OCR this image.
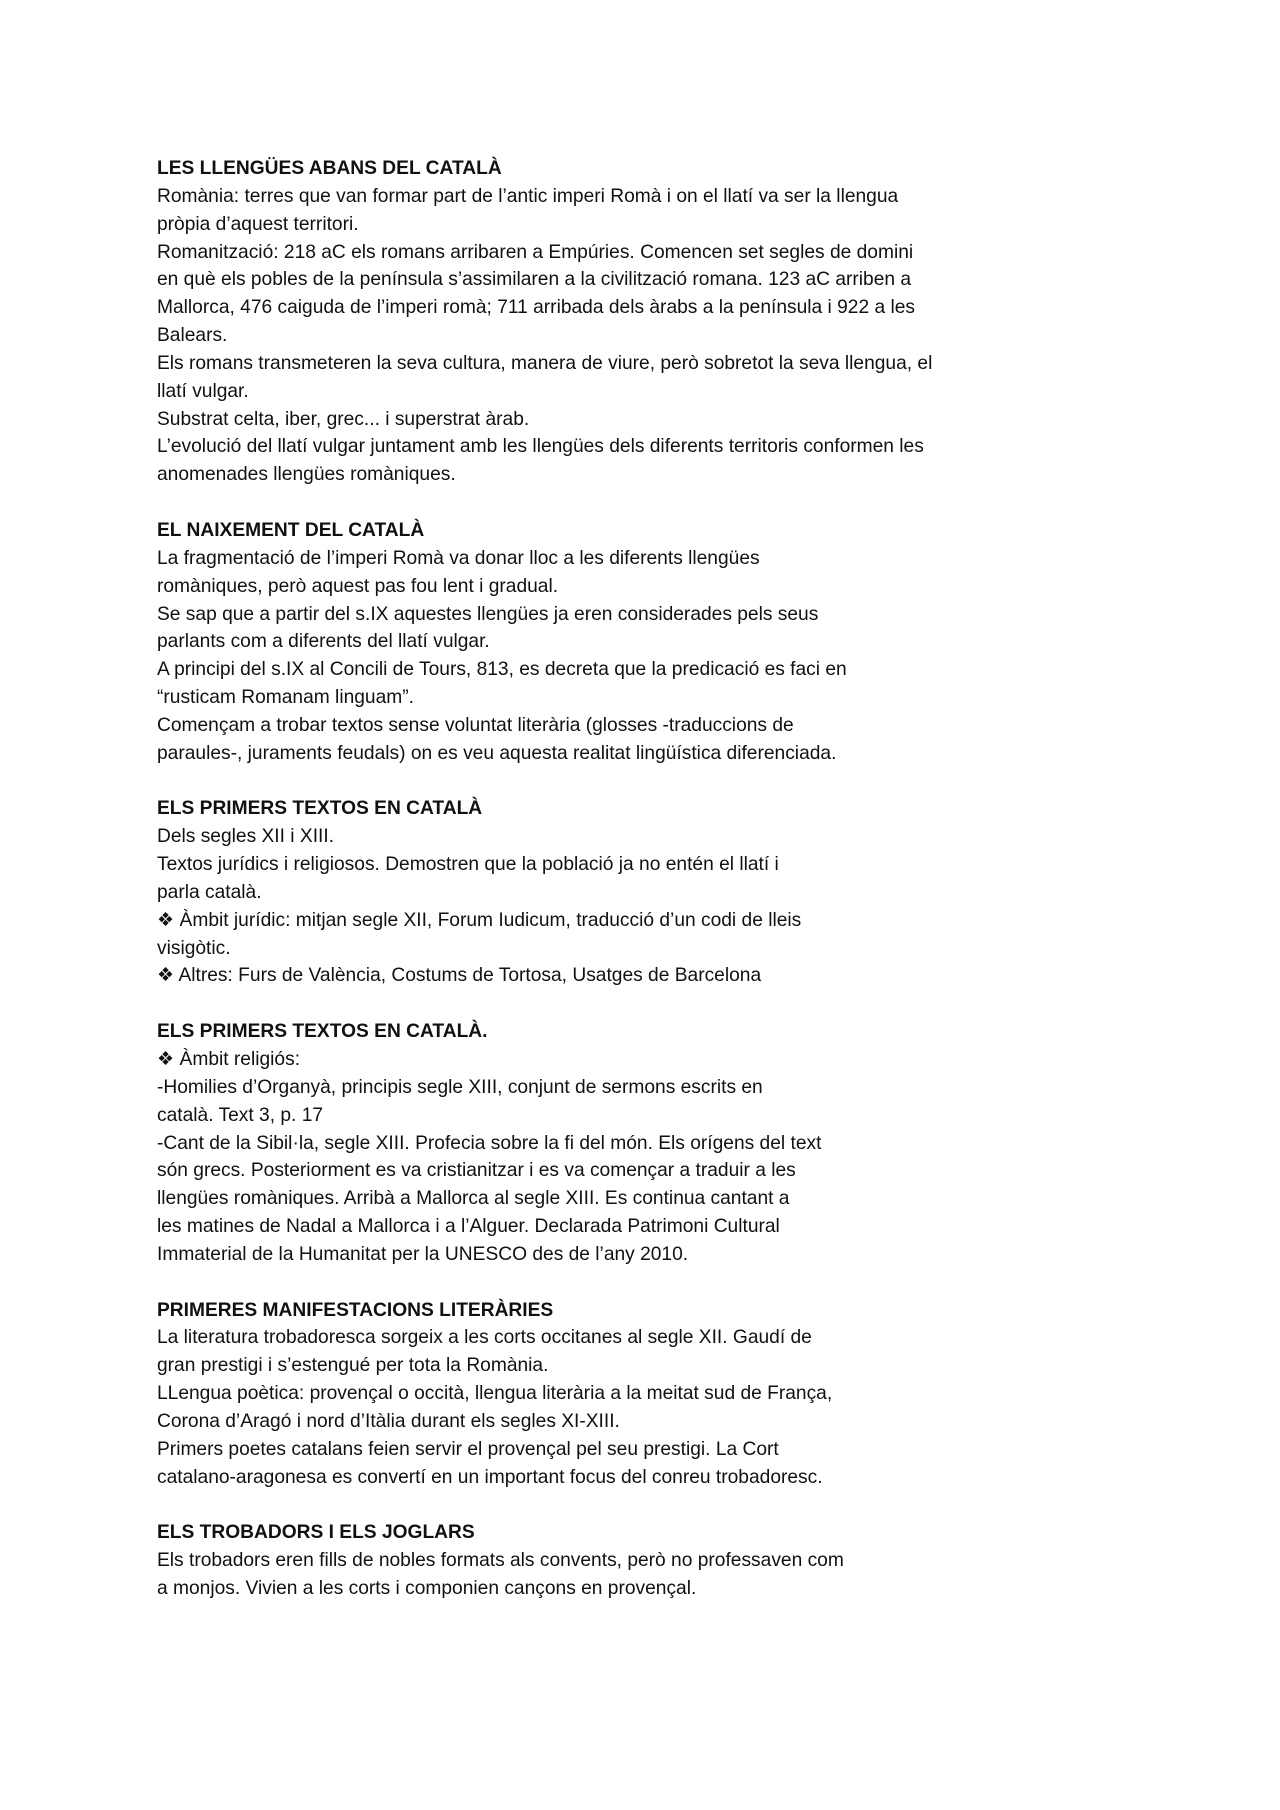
LES LLENGÜES ABANS DEL CATALÀ
Romània: terres que van formar part de l’antic imperi Romà i on el llatí va ser la llengua
pròpia d’aquest territori.
Romanització: 218 aC els romans arribaren a Empúries. Comencen set segles de domini
en què els pobles de la península s’assimilaren a la civilització romana. 123 aC arriben a
Mallorca, 476 caiguda de l’imperi romà; 711 arribada dels àrabs a la península i 922 a les
Balears.
Els romans transmeteren la seva cultura, manera de viure, però sobretot la seva llengua, el
llatí vulgar.
Substrat celta, iber, grec... i superstrat àrab.
L’evolució del llatí vulgar juntament amb les llengües dels diferents territoris conformen les
anomenades llengües romàniques.
EL NAIXEMENT DEL CATALÀ
La fragmentació de l’imperi Romà va donar lloc a les diferents llengües
romàniques, però aquest pas fou lent i gradual.
Se sap que a partir del s.IX aquestes llengües ja eren considerades pels seus
parlants com a diferents del llatí vulgar.
A principi del s.IX al Concili de Tours, 813, es decreta que la predicació es faci en
“rusticam Romanam linguam”.
Començam a trobar textos sense voluntat literària (glosses -traduccions de
paraules-, juraments feudals) on es veu aquesta realitat lingüística diferenciada.
ELS PRIMERS TEXTOS EN CATALÀ
Dels segles XII i XIII.
Textos jurídics i religiosos. Demostren que la població ja no entén el llatí i
parla català.
❖ Àmbit jurídic: mitjan segle XII, Forum Iudicum, traducció d’un codi de lleis
visigòtic.
❖ Altres: Furs de València, Costums de Tortosa, Usatges de Barcelona
ELS PRIMERS TEXTOS EN CATALÀ.
❖ Àmbit religiós:
-Homilies d’Organyà, principis segle XIII, conjunt de sermons escrits en
català. Text 3, p. 17
-Cant de la Sibil·la, segle XIII. Profecia sobre la fi del món. Els orígens del text
són grecs. Posteriorment es va cristianitzar i es va començar a traduir a les
llengües romàniques. Arribà a Mallorca al segle XIII. Es continua cantant a
les matines de Nadal a Mallorca i a l’Alguer. Declarada Patrimoni Cultural
Immaterial de la Humanitat per la UNESCO des de l’any 2010.
PRIMERES MANIFESTACIONS LITERÀRIES
La literatura trobadoresca sorgeix a les corts occitanes al segle XII. Gaudí de
gran prestigi i s’estengué per tota la Romània.
LLengua poètica: provençal o occità, llengua literària a la meitat sud de França,
Corona d’Aragó i nord d’Itàlia durant els segles XI-XIII.
Primers poetes catalans feien servir el provençal pel seu prestigi. La Cort
catalano-aragonesa es convertí en un important focus del conreu trobadoresc.
ELS TROBADORS I ELS JOGLARS
Els trobadors eren fills de nobles formats als convents, però no professaven com
a monjos. Vivien a les corts i componien cançons en provençal.
